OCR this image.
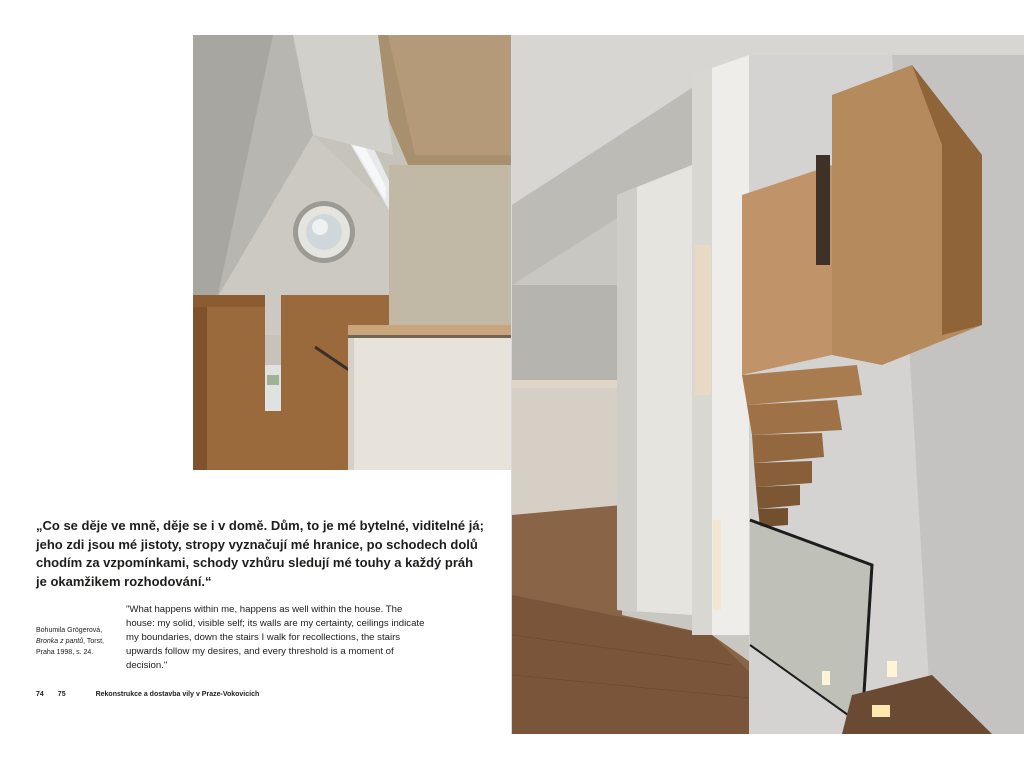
„Co se děje ve mně, děje se i v domě. Dům, to je mé bytelné, viditelné já; jeho zdi jsou mé jistoty, stropy vyznačují mé hranice, po schodech dolů chodím za vzpomínkami, schody vzhůru sledují mé touhy a každý práh je okamžikem rozhodování.“

Bohumila Grögerová,
Bronka z pantů, Torst,
Praha 1998, s. 24.

"What happens within me, happens as well within the house. The house: my solid, visible self; its walls are my certainty, ceilings indicate my boundaries, down the stairs I walk for recollections, the stairs upwards follow my desires, and every threshold is a moment of decision."

74 75	Rekonstrukce a dostavba vily v Praze-Vokovicích
